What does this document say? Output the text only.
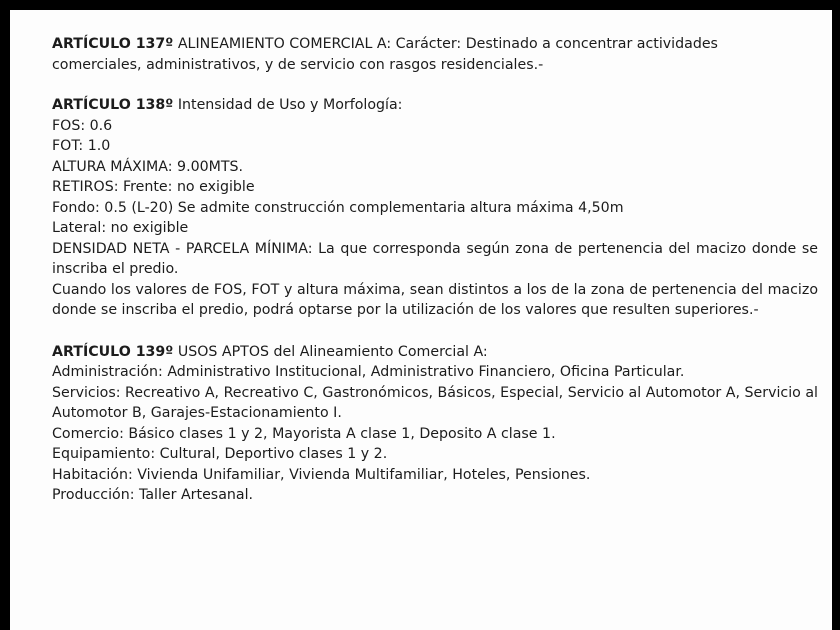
ARTÍCULO 137º ALINEAMIENTO COMERCIAL A: Carácter: Destinado a concentrar actividades
comerciales, administrativos, y de servicio con rasgos residenciales.-
ARTÍCULO 138º Intensidad de Uso y Morfología:
FOS: 0.6
FOT: 1.0
ALTURA MÁXIMA: 9.00MTS.
RETIROS: Frente: no exigible
Fondo: 0.5 (L-20) Se admite construcción complementaria altura máxima 4,50m
Lateral: no exigible
DENSIDAD NETA - PARCELA MÍNIMA: La que corresponda según zona de pertenencia del macizo donde se inscriba el predio.
Cuando los valores de FOS, FOT y altura máxima, sean distintos a los de la zona de pertenencia del macizo donde se inscriba el predio, podrá optarse por la utilización de los valores que resulten superiores.-
ARTÍCULO 139º USOS APTOS del Alineamiento Comercial A:
Administración: Administrativo Institucional, Administrativo Financiero, Oficina Particular.
Servicios: Recreativo A, Recreativo C, Gastronómicos, Básicos, Especial, Servicio al Automotor A, Servicio al Automotor B, Garajes-Estacionamiento I.
Comercio: Básico clases 1 y 2, Mayorista A clase 1, Deposito A clase 1.
Equipamiento: Cultural, Deportivo clases 1 y 2.
Habitación: Vivienda Unifamiliar, Vivienda Multifamiliar, Hoteles, Pensiones.
Producción: Taller Artesanal.
